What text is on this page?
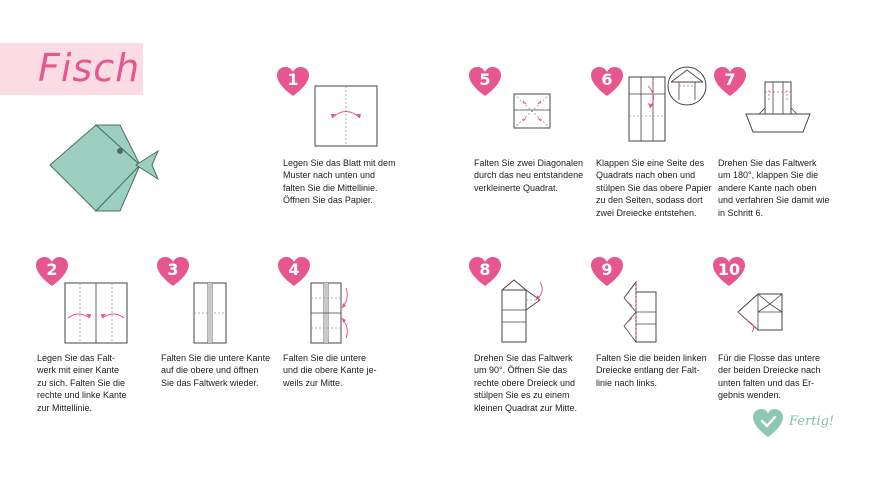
Fisch	1
Legen Sie das Blatt mit dem
Muster nach unten und
falten Sie die Mittellinie.
Öffnen Sie das Papier.
2
Legen Sie das Falt-
werk mit einer Kante
zu sich. Falten Sie die
rechte und linke Kante
zur Mittellinie.
3
Falten Sie die untere Kante
auf die obere und öffnen
Sie das Faltwerk wieder.
4
Falten Sie die untere
und die obere Kante je-
weils zur Mitte.
5
Falten Sie zwei Diagonalen
durch das neu entstandene
verkleinerte Quadrat.
6
Klappen Sie eine Seite des
Quadrats nach oben und
stülpen Sie das obere Papier
zu den Seiten, sodass dort
zwei Dreiecke entstehen.
7
Drehen Sie das Faltwerk
um 180°, klappen Sie die
andere Kante nach oben
und verfahren Sie damit wie
in Schritt 6.
8
Drehen Sie das Faltwerk
um 90°. Öffnen Sie das
rechte obere Dreieck und
stülpen Sie es zu einem
kleinen Quadrat zur Mitte.
9
Falten Sie die beiden linken
Dreiecke entlang der Falt-
linie nach links.
10
Für die Flosse das untere
der beiden Dreiecke nach
unten falten und das Er-
gebnis wenden.
Fertig!
